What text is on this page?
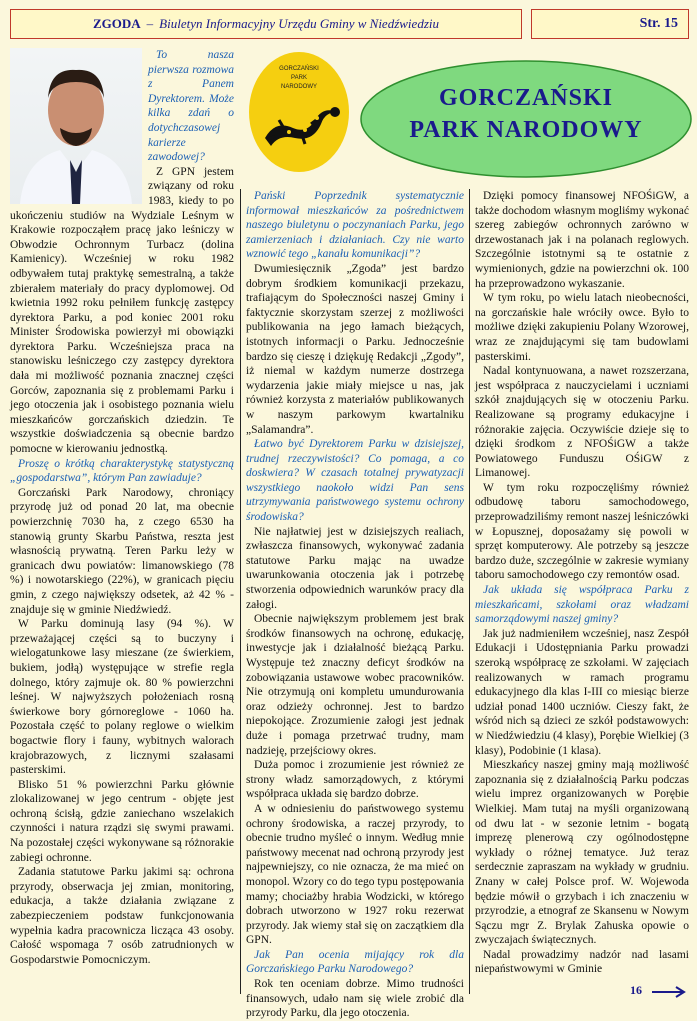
ZGODA – Biuletyn Informacyjny Urzędu Gminy w Niedźwiedziu	Str. 15
GORCZAŃSKI
PARK
NARODOWY	GORCZAŃSKI
PARK NARODOWY

To nasza pierwsza rozmowa z Panem Dyrektorem. Może kilka zdań o dotychczasowej karierze zawodowej?

Z GPN jestem związany od roku 1983, kiedy to po ukończeniu studiów na Wydziale Leśnym w Krakowie rozpocząłem pracę jako leśniczy w Obwodzie Ochronnym Turbacz (dolina Kamienicy). Wcześniej w roku 1982 odbywałem tutaj praktykę semestralną, a także zbierałem materiały do pracy dyplomowej. Od kwietnia 1992 roku pełniłem funkcję zastępcy dyrektora Parku, a pod koniec 2001 roku Minister Środowiska powierzył mi obowiązki dyrektora Parku. Wcześniejsza praca na stanowisku leśniczego czy zastępcy dyrektora dała mi możliwość poznania znacznej części Gorców, zapoznania się z problemami Parku i jego otoczenia jak i osobistego poznania wielu mieszkańców gorczańskich dziedzin. Te wszystkie doświadczenia są obecnie bardzo pomocne w kierowaniu jednostką.

Proszę o krótką charakterystykę statystyczną „gospodarstwa”, którym Pan zawiaduje?

Gorczański Park Narodowy, chroniący przyrodę już od ponad 20 lat, ma obecnie powierzchnię 7030 ha, z czego 6530 ha stanowią grunty Skarbu Państwa, reszta jest własnością prywatną. Teren Parku leży w granicach dwu powiatów: limanowskiego (78 %) i nowotarskiego (22%), w granicach pięciu gmin, z czego największy odsetek, aż 42 % - znajduje się w gminie Niedźwiedź.

W Parku dominują lasy (94 %). W przeważającej części są to buczyny i wielogatunkowe lasy mieszane (ze świerkiem, bukiem, jodłą) występujące w strefie regla dolnego, który zajmuje ok. 80 % powierzchni leśnej. W najwyższych położeniach rosną świerkowe bory górnoreglowe - 1060 ha. Pozostała część to polany reglowe o wielkim bogactwie flory i fauny, wybitnych walorach krajobrazowych, z licznymi szałasami pasterskimi.

Blisko 51 % powierzchni Parku głównie zlokalizowanej w jego centrum - objęte jest ochroną ścisłą, gdzie zaniechano wszelakich czynności i natura rządzi się swymi prawami. Na pozostałej części wykonywane są różnorakie zabiegi ochronne.

Zadania statutowe Parku jakimi są: ochrona przyrody, obserwacja jej zmian, monitoring, edukacja, a także działania związane z zabezpieczeniem podstaw funkcjonowania wypełnia kadra pracownicza licząca 43 osoby. Całość wspomaga 7 osób zatrudnionych w Gospodarstwie Pomocniczym.

Pański Poprzednik systematycznie informował mieszkańców za pośrednictwem naszego biuletynu o poczynaniach Parku, jego zamierzeniach i działaniach. Czy nie warto wznowić tego „kanału komunikacji”?

Dwumiesięcznik „Zgoda” jest bardzo dobrym środkiem komunikacji przekazu, trafiającym do Społeczności naszej Gminy i faktycznie skorzystam szerzej z możliwości publikowania na jego łamach bieżących, istotnych informacji o Parku. Jednocześnie bardzo się cieszę i dziękuję Redakcji „Zgody”, iż niemal w każdym numerze dostrzega wydarzenia jakie miały miejsce u nas, jak również korzysta z materiałów publikowanych w naszym parkowym kwartalniku „Salamandra”.

Łatwo być Dyrektorem Parku w dzisiejszej, trudnej rzeczywistości? Co pomaga, a co doskwiera? W czasach totalnej prywatyzacji wszystkiego naokoło widzi Pan sens utrzymywania państwowego systemu ochrony środowiska?

Nie najłatwiej jest w dzisiejszych realiach, zwłaszcza finansowych, wykonywać zadania statutowe Parku mając na uwadze uwarunkowania otoczenia jak i potrzebę stworzenia odpowiednich warunków pracy dla załogi.

Obecnie największym problemem jest brak środków finansowych na ochronę, edukację, inwestycje jak i działalność bieżącą Parku. Występuje też znaczny deficyt środków na zobowiązania ustawowe wobec pracowników. Nie otrzymują oni kompletu umundurowania oraz odzieży ochronnej. Jest to bardzo niepokojące. Zrozumienie załogi jest jednak duże i pomaga przetrwać trudny, mam nadzieję, przejściowy okres.

Duża pomoc i zrozumienie jest również ze strony władz samorządowych, z którymi współpraca układa się bardzo dobrze.

A w odniesieniu do państwowego systemu ochrony środowiska, a raczej przyrody, to obecnie trudno myśleć o innym. Według mnie państwowy mecenat nad ochroną przyrody jest najpewniejszy, co nie oznacza, że ma mieć on monopol. Wzory co do tego typu postępowania mamy; chociażby hrabia Wodzicki, w którego dobrach utworzono w 1927 roku rezerwat przyrody. Jak wiemy stał się on zaczątkiem dla GPN.

Jak Pan ocenia mijający rok dla Gorczańskiego Parku Narodowego?

Rok ten oceniam dobrze. Mimo trudności finansowych, udało nam się wiele zrobić dla przyrody Parku, dla jego otoczenia.

Dzięki pomocy finansowej NFOŚiGW, a także dochodom własnym mogliśmy wykonać szereg zabiegów ochronnych zarówno w drzewostanach jak i na polanach reglowych. Szczególnie istotnymi są te ostatnie z wymienionych, gdzie na powierzchni ok. 100 ha przeprowadzono wykaszanie.

W tym roku, po wielu latach nieobecności, na gorczańskie hale wróciły owce. Było to możliwe dzięki zakupieniu Polany Wzorowej, wraz ze znajdującymi się tam budowlami pasterskimi.

Nadal kontynuowana, a nawet rozszerzana, jest współpraca z nauczycielami i uczniami szkół znajdujących się w otoczeniu Parku. Realizowane są programy edukacyjne i różnorakie zajęcia. Oczywiście dzieje się to dzięki środkom z NFOŚiGW a także Powiatowego Funduszu OŚiGW z Limanowej.

W tym roku rozpoczęliśmy również odbudowę taboru samochodowego, przeprowadziliśmy remont naszej leśniczówki w Łopusznej, doposażamy się powoli w sprzęt komputerowy. Ale potrzeby są jeszcze bardzo duże, szczególnie w zakresie wymiany taboru samochodowego czy remontów osad.

Jak układa się współpraca Parku z mieszkańcami, szkołami oraz władzami samorządowymi naszej gminy?

Jak już nadmieniłem wcześniej, nasz Zespół Edukacji i Udostępniania Parku prowadzi szeroką współpracę ze szkołami. W zajęciach realizowanych w ramach programu edukacyjnego dla klas I-III co miesiąc bierze udział ponad 1400 uczniów. Cieszy fakt, że wśród nich są dzieci ze szkół podstawowych: w Niedźwiedziu (4 klasy), Porębie Wielkiej (3 klasy), Podobinie (1 klasa).

Mieszkańcy naszej gminy mają możliwość zapoznania się z działalnością Parku podczas wielu imprez organizowanych w Porębie Wielkiej. Mam tutaj na myśli organizowaną od dwu lat - w sezonie letnim - bogatą imprezę plenerową czy ogólnodostępne wykłady o różnej tematyce. Już teraz serdecznie zapraszam na wykłady w grudniu. Znany w całej Polsce prof. W. Wojewoda będzie mówił o grzybach i ich znaczeniu w przyrodzie, a etnograf ze Skansenu w Nowym Sączu mgr Z. Brylak Zahuska opowie o zwyczajach świątecznych.

Nadal prowadzimy nadzór nad lasami niepaństwowymi w Gminie

16
